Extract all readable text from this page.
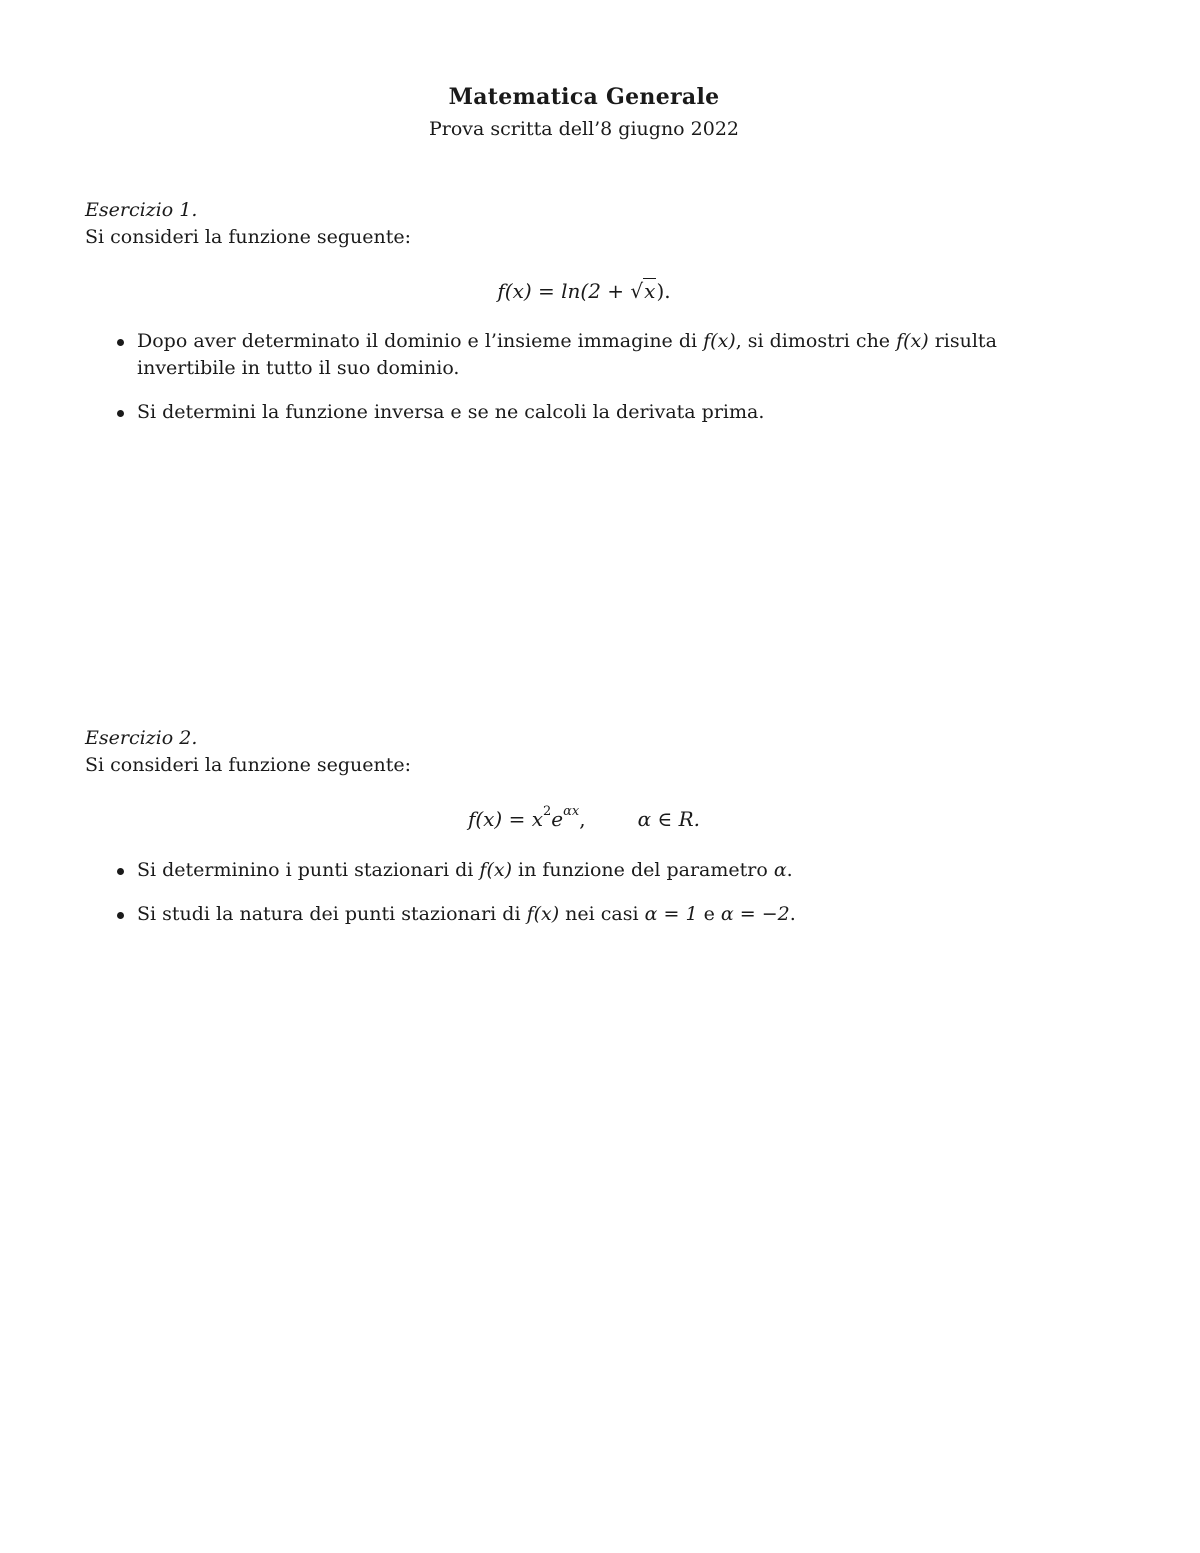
Matematica Generale
Prova scritta dell’8 giugno 2022
Esercizio 1.
Si consideri la funzione seguente:
f(x) = ln(2 + √x).
Dopo aver determinato il dominio e l’insieme immagine di f(x), si dimostri che f(x) risulta invertibile in tutto il suo dominio.
Si determini la funzione inversa e se ne calcoli la derivata prima.
Esercizio 2.
Si consideri la funzione seguente:
$f(x) = x^2e^{\alpha x}$,	α ∈ R.
Si determinino i punti stazionari di f(x) in funzione del parametro α.
Si studi la natura dei punti stazionari di f(x) nei casi α = 1 e α = −2.
